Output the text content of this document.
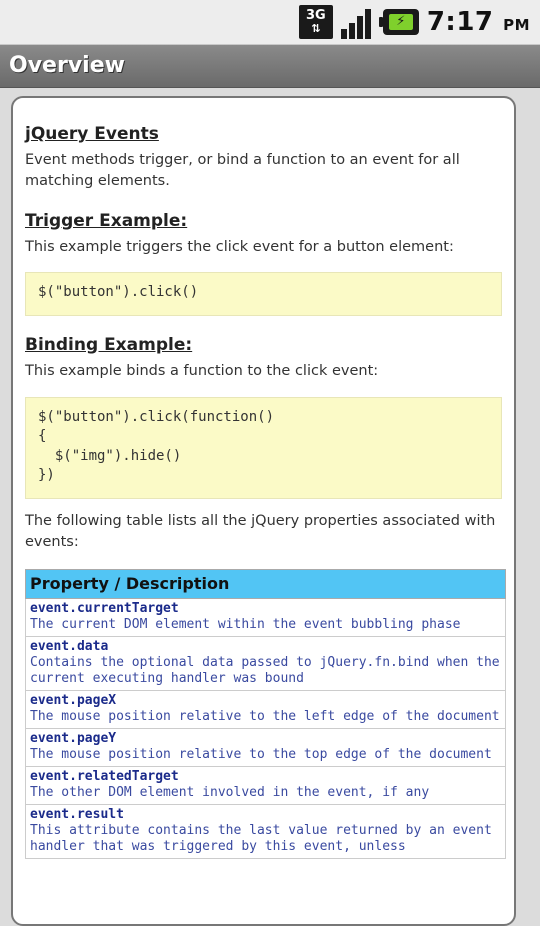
3G
⇅	⚡ 7:17 PM
Overview
jQuery Events

Event methods trigger, or bind a function to an event for all matching elements.

Trigger Example:

This example triggers the click event for a button element:

$("button").click()
Binding Example:

This example binds a function to the click event:

$("button").click(function()
{
$("img").hide()
})

The following table lists all the jQuery properties associated with events:

Property / Description

event.currentTarget
The current DOM element within the event bubbling phase

event.data
Contains the optional data passed to jQuery.fn.bind when the current executing handler was bound

event.pageX
The mouse position relative to the left edge of the document

event.pageY
The mouse position relative to the top edge of the document

event.relatedTarget
The other DOM element involved in the event, if any

event.result
This attribute contains the last value returned by an event handler that was triggered by this event, unless
